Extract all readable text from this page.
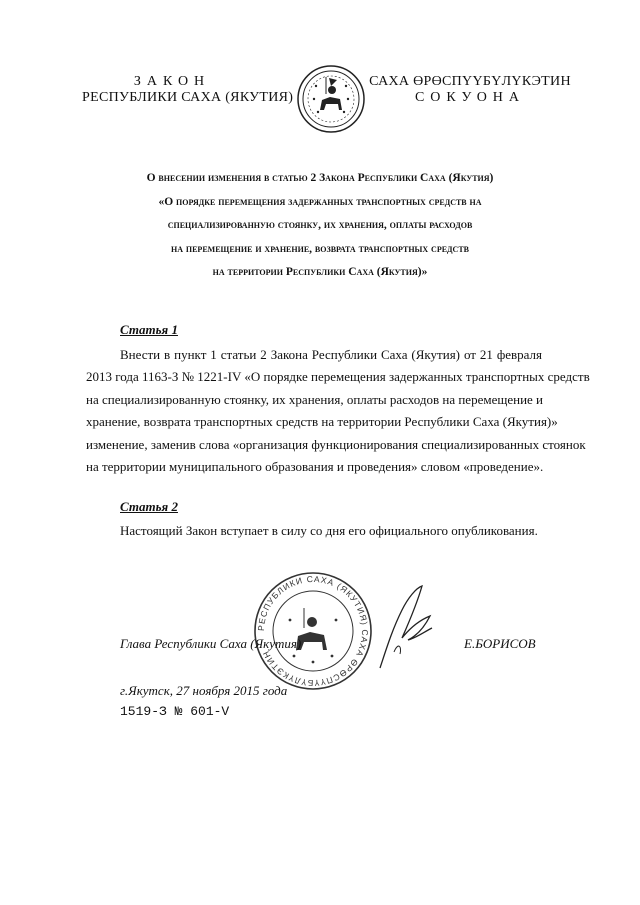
ЗАКОН
РЕСПУБЛИКИ САХА (ЯКУТИЯ)
САХА ӨРӨСПҮҮБҮЛҮКЭТИН
СОКУОНА
О внесении изменения в статью 2 Закона Республики Саха (Якутия)
«О порядке перемещения задержанных транспортных средств на
специализированную стоянку, их хранения, оплаты расходов
на перемещение и хранение, возврата транспортных средств
на территории Республики Саха (Якутия)»
Статья 1
Внести в пункт 1 статьи 2 Закона Республики Саха (Якутия) от 21 февраля
2013 года 1163-З № 1221-IV «О порядке перемещения задержанных транспортных средств
на специализированную стоянку, их хранения, оплаты расходов на перемещение и
хранение, возврата транспортных средств на территории Республики Саха (Якутия)»
изменение, заменив слова «организация функционирования специализированных стоянок
на территории муниципального образования и проведения» словом «проведение».
Статья 2
Настоящий Закон вступает в силу со дня его официального опубликования.
РЕСПУБЛИКИ САХА (ЯКУТИЯ) САХА ӨРӨСПҮҮБҮЛҮКЭТИН
Глава Республики Саха (Якутия)	Е.БОРИСОВ
г.Якутск, 27 ноября 2015 года
1519-З № 601-V
